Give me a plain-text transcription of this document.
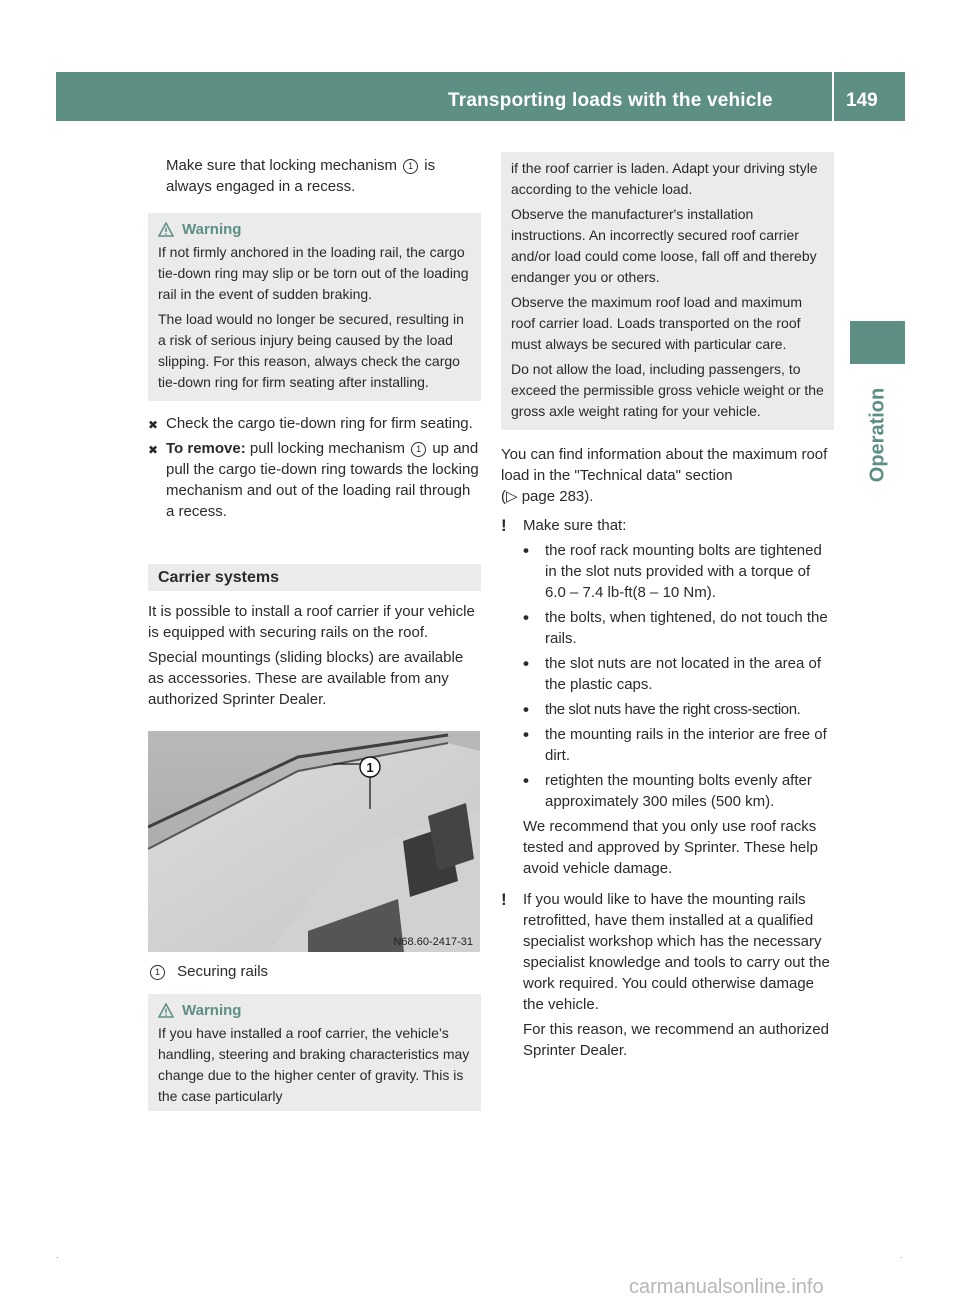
Transporting loads with the vehicle	149
Operation

Make sure that locking mechanism 1 is always engaged in a recess.

Warning

If not firmly anchored in the loading rail, the cargo tie-down ring may slip or be torn out of the loading rail in the event of sudden braking.

The load would no longer be secured, resulting in a risk of serious injury being caused by the load slipping. For this reason, always check the cargo tie-down ring for firm seating after installing.

✖ Check the cargo tie-down ring for firm seating.
✖ To remove: pull locking mechanism 1 up and pull the cargo tie-down ring towards the locking mechanism and out of the loading rail through a recess.
Carrier systems

It is possible to install a roof carrier if your vehicle is equipped with securing rails on the roof.

Special mountings (sliding blocks) are available as accessories. These are available from any authorized Sprinter Dealer.

1
N68.60-2417-31

1 Securing rails

Warning

If you have installed a roof carrier, the vehicle’s handling, steering and braking characteristics may change due to the higher center of gravity. This is the case particularly

if the roof carrier is laden. Adapt your driving style according to the vehicle load.

Observe the manufacturer's installation instructions. An incorrectly secured roof carrier and/or load could come loose, fall off and thereby endanger you or others.

Observe the maximum roof load and maximum roof carrier load. Loads transported on the roof must always be secured with particular care.

Do not allow the load, including passengers, to exceed the permissible gross vehicle weight or the gross axle weight rating for your vehicle.

You can find information about the maximum roof load in the "Technical data" section
(▷ page 283).

!	Make sure that:

•	the roof rack mounting bolts are tightened in the slot nuts provided with a torque of 6.0 – 7.4 lb-ft(8 – 10 Nm).
•	the bolts, when tightened, do not touch the rails.
•	the slot nuts are not located in the area of the plastic caps.
•	the slot nuts have the right cross-section.
•	the mounting rails in the interior are free of dirt.
•	retighten the mounting bolts evenly after approximately 300 miles (500 km).

We recommend that you only use roof racks tested and approved by Sprinter. These help avoid vehicle damage.

!	If you would like to have the mounting rails retrofitted, have them installed at a qualified specialist workshop which has the necessary specialist knowledge and tools to carry out the work required. You could otherwise damage the vehicle.

For this reason, we recommend an authorized Sprinter Dealer.

.	.
carmanualsonline.info
